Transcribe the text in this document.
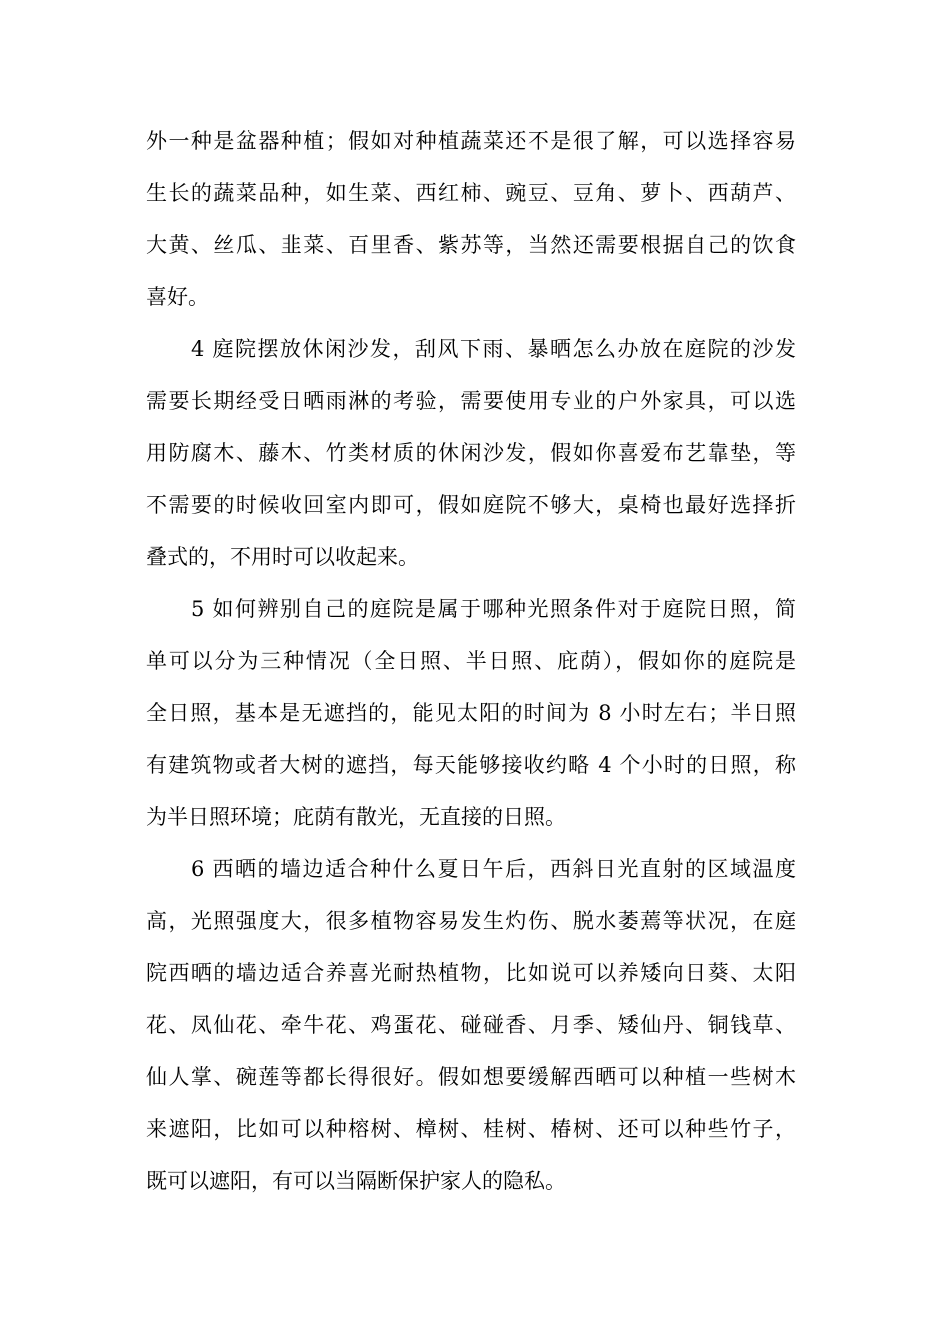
外一种是盆器种植；假如对种植蔬菜还不是很了解，可以选择容易
生长的蔬菜品种，如生菜、西红柿、豌豆、豆角、萝卜、西葫芦、
大黄、丝瓜、韭菜、百里香、紫苏等，当然还需要根据自己的饮食
喜好。
　　4 庭院摆放休闲沙发，刮风下雨、暴晒怎么办放在庭院的沙发
需要长期经受日晒雨淋的考验，需要使用专业的户外家具，可以选
用防腐木、藤木、竹类材质的休闲沙发，假如你喜爱布艺靠垫，等
不需要的时候收回室内即可，假如庭院不够大，桌椅也最好选择折
叠式的，不用时可以收起来。
　　5 如何辨别自己的庭院是属于哪种光照条件对于庭院日照，简
单可以分为三种情况（全日照、半日照、庇荫），假如你的庭院是
全日照，基本是无遮挡的，能见太阳的时间为 8 小时左右；半日照
有建筑物或者大树的遮挡，每天能够接收约略 4 个小时的日照，称
为半日照环境；庇荫有散光，无直接的日照。
　　6 西晒的墙边适合种什么夏日午后，西斜日光直射的区域温度
高，光照强度大，很多植物容易发生灼伤、脱水萎蔫等状况，在庭
院西晒的墙边适合养喜光耐热植物，比如说可以养矮向日葵、太阳
花、凤仙花、牵牛花、鸡蛋花、碰碰香、月季、矮仙丹、铜钱草、
仙人掌、碗莲等都长得很好。假如想要缓解西晒可以种植一些树木
来遮阳，比如可以种榕树、樟树、桂树、椿树、还可以种些竹子，
既可以遮阳，有可以当隔断保护家人的隐私。
